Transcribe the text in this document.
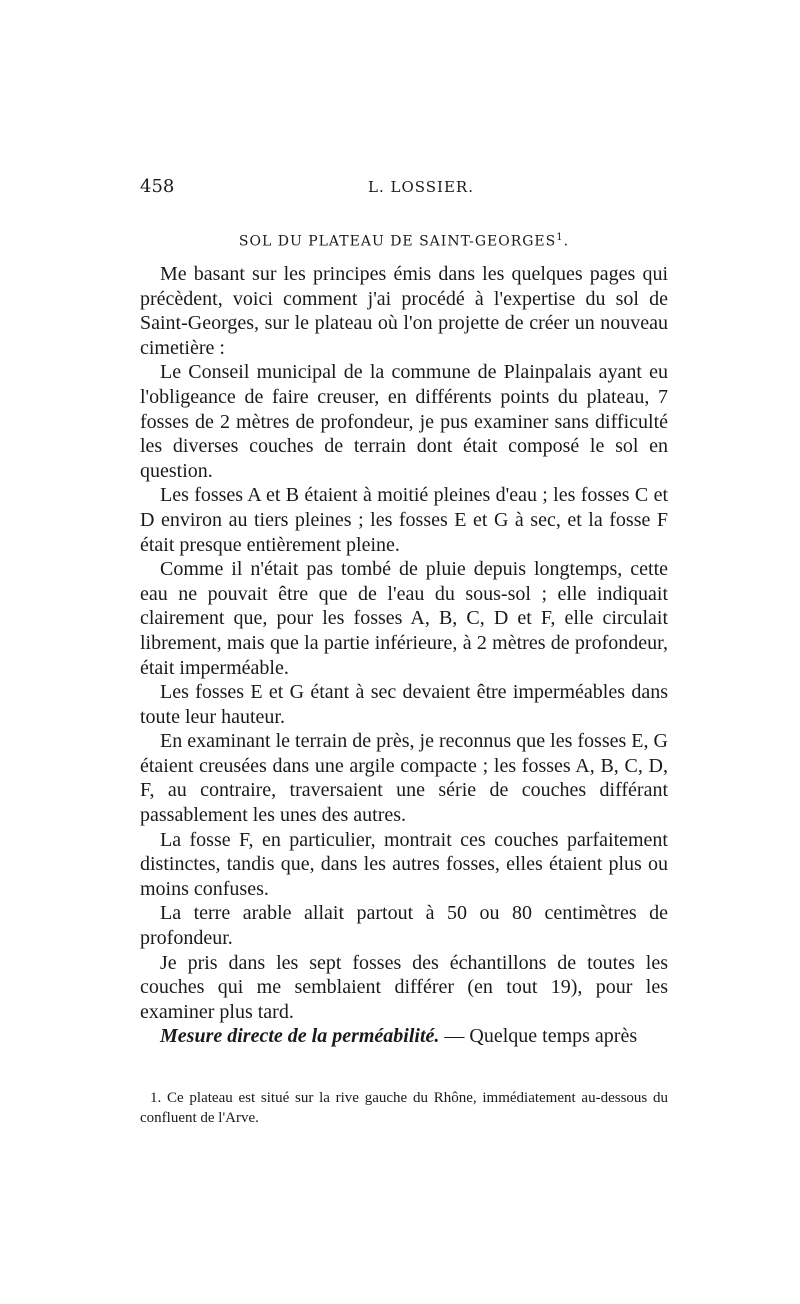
458	L. LOSSIER.
SOL DU PLATEAU DE SAINT-GEORGES$^1$.

Me basant sur les principes émis dans les quelques pages qui précèdent, voici comment j'ai procédé à l'expertise du sol de Saint-Georges, sur le plateau où l'on projette de créer un nouveau cimetière :

Le Conseil municipal de la commune de Plainpalais ayant eu l'obligeance de faire creuser, en différents points du plateau, 7 fosses de 2 mètres de profondeur, je pus examiner sans difficulté les diverses couches de terrain dont était composé le sol en question.

Les fosses A et B étaient à moitié pleines d'eau ; les fosses C et D environ au tiers pleines ; les fosses E et G à sec, et la fosse F était presque entièrement pleine.

Comme il n'était pas tombé de pluie depuis longtemps, cette eau ne pouvait être que de l'eau du sous-sol ; elle indiquait clairement que, pour les fosses A, B, C, D et F, elle circulait librement, mais que la partie inférieure, à 2 mètres de profondeur, était imperméable.

Les fosses E et G étant à sec devaient être imperméables dans toute leur hauteur.

En examinant le terrain de près, je reconnus que les fosses E, G étaient creusées dans une argile compacte ; les fosses A, B, C, D, F, au contraire, traversaient une série de couches différant passablement les unes des autres.

La fosse F, en particulier, montrait ces couches parfaitement distinctes, tandis que, dans les autres fosses, elles étaient plus ou moins confuses.

La terre arable allait partout à 50 ou 80 centimètres de profondeur.

Je pris dans les sept fosses des échantillons de toutes les couches qui me semblaient différer (en tout 19), pour les examiner plus tard.

Mesure directe de la perméabilité. — Quelque temps après

1. Ce plateau est situé sur la rive gauche du Rhône, immédiatement au-dessous du confluent de l'Arve.
